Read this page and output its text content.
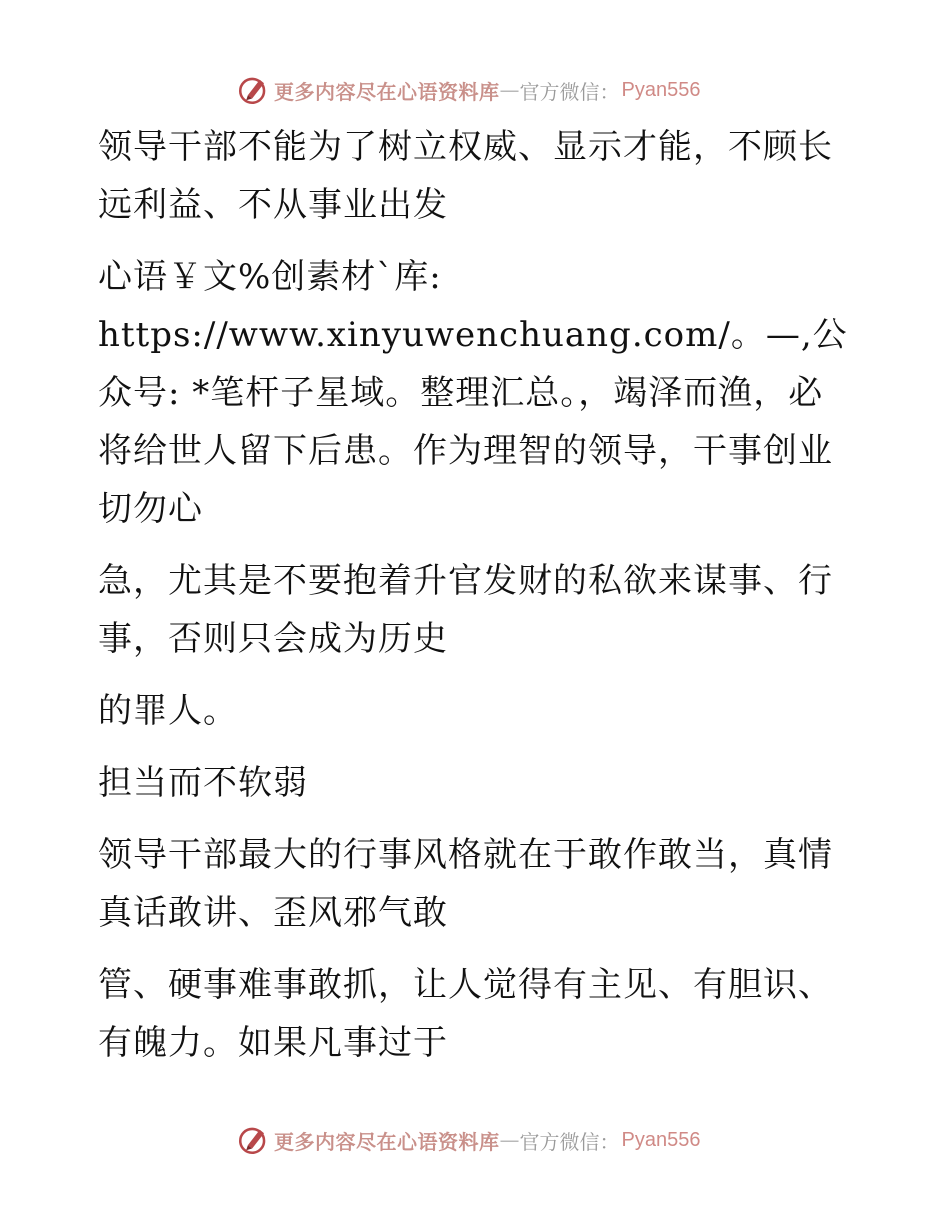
更多内容尽在心语资料库 — 官方微信： Pyan556

领导干部不能为了树立权威、显示才能，不顾长远利益、不从事业出发

心语￥文%创素材`库: https://www.xinyuwenchuang.com/。—,公众号: *笔杆子星域。整理汇总。，竭泽而渔，必将给世人留下后患。作为理智的领导，干事创业切勿心

急，尤其是不要抱着升官发财的私欲来谋事、行事，否则只会成为历史

的罪人。

担当而不软弱

领导干部最大的行事风格就在于敢作敢当，真情真话敢讲、歪风邪气敢

管、硬事难事敢抓，让人觉得有主见、有胆识、有魄力。如果凡事过于

更多内容尽在心语资料库 — 官方微信： Pyan556
